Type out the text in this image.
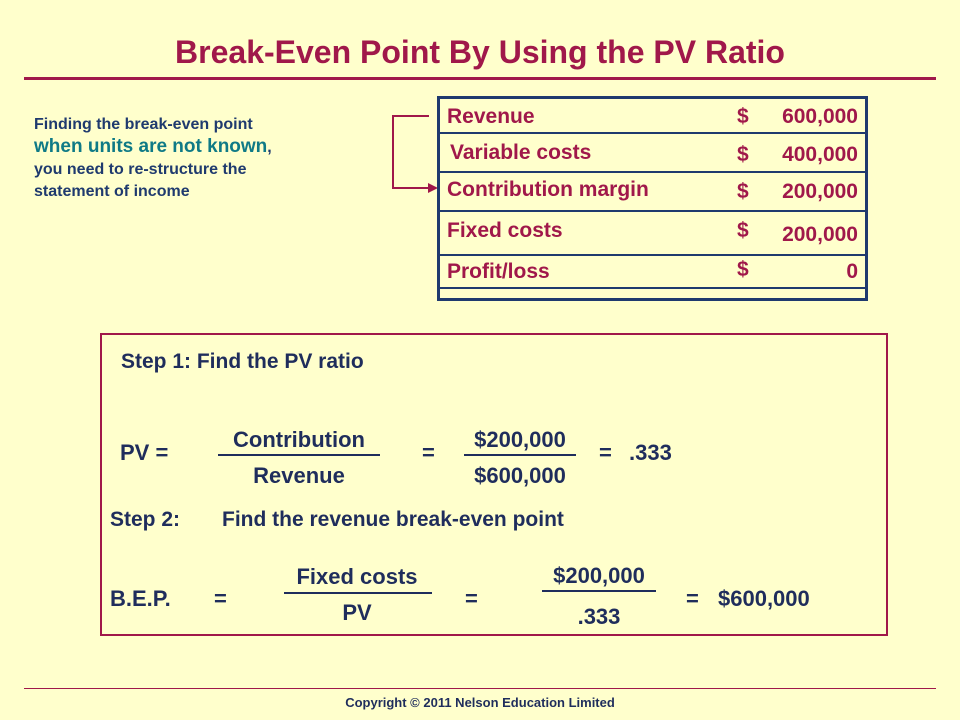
Break-Even Point By Using the PV Ratio
Finding the break-even point
when units are not known,
you need to re-structure the
statement of income
Revenue	$	600,000
Variable costs	$	400,000
Contribution margin	$	200,000
Fixed costs	$	200,000
Profit/loss	$	0
Step 1: Find the PV ratio
PV =
Contribution
Revenue
=
$200,000
$600,000
= .333
Step 2: Find the revenue break-even point
B.E.P. =
Fixed costs
PV
=
$200,000
.333
= $600,000
Copyright © 2011 Nelson Education Limited
